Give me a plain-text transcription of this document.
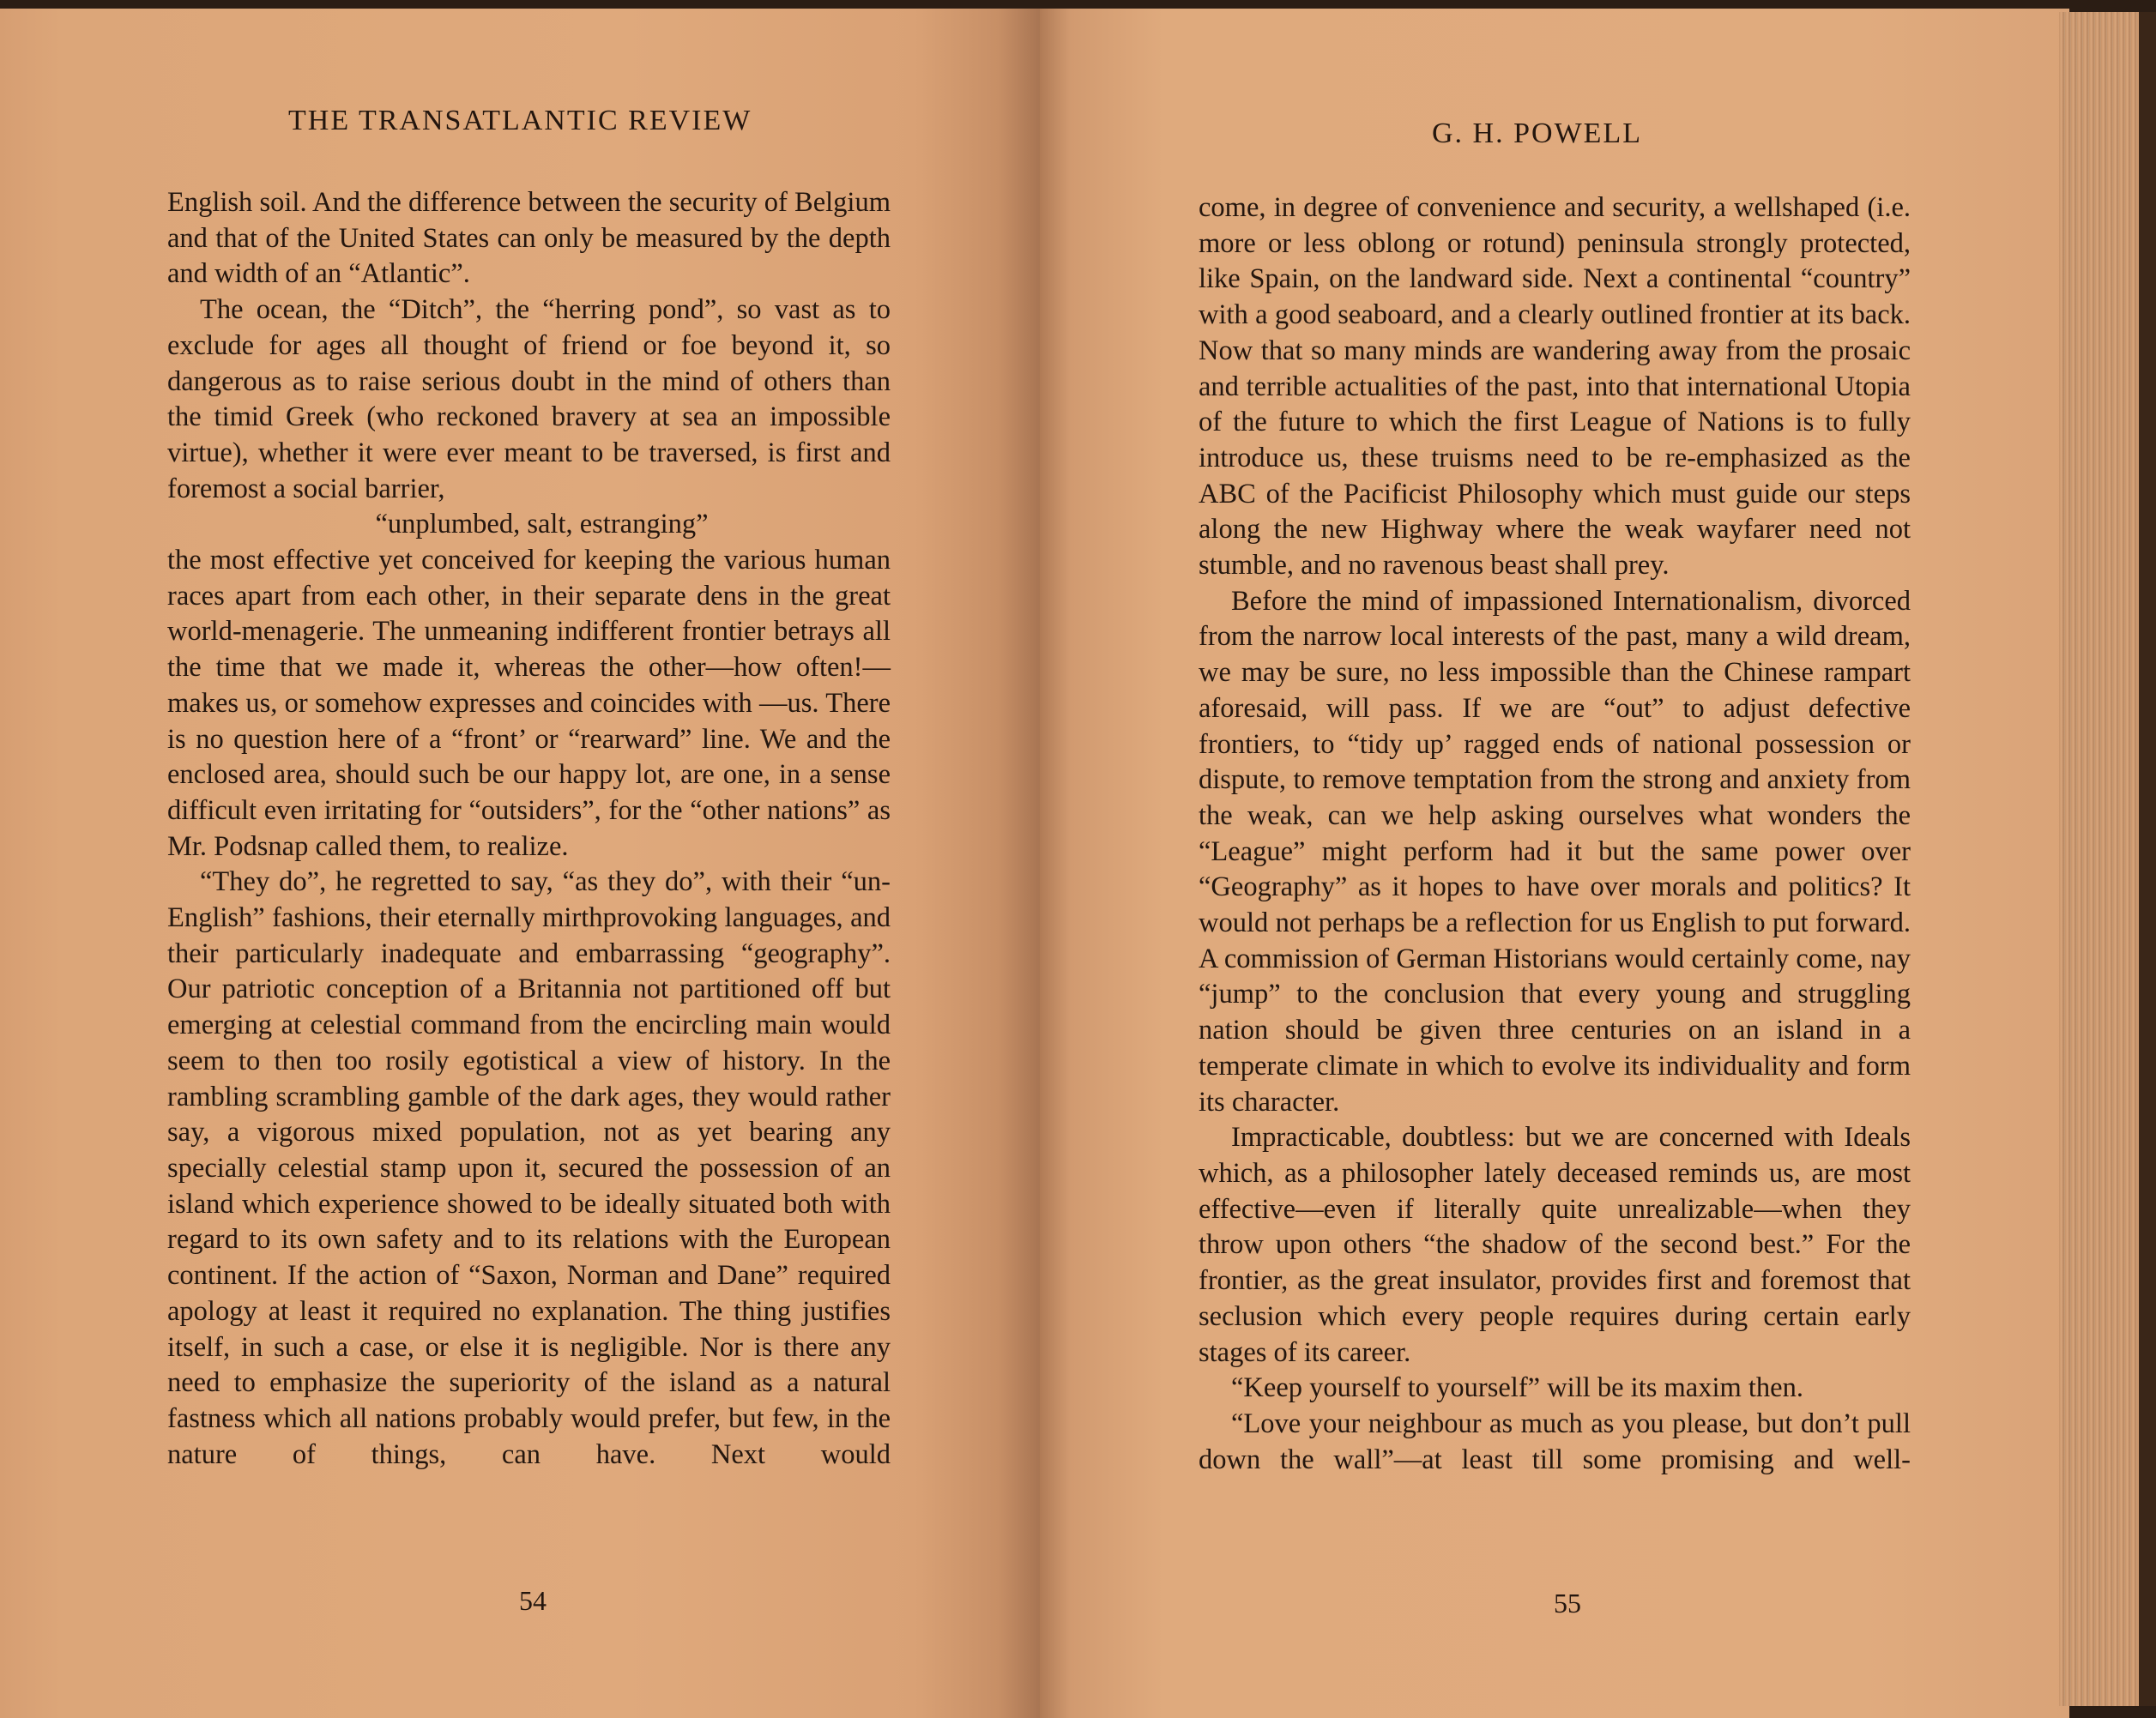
THE TRANSATLANTIC REVIEW

English soil. And the difference between the security of Belgium and that of the United States can only be measured by the depth and width of an “Atlantic”.

The ocean, the “Ditch”, the “herring pond”, so vast as to exclude for ages all thought of friend or foe beyond it, so dangerous as to raise serious doubt in the mind of others than the timid Greek (who reckoned bravery at sea an impossible virtue), whether it were ever meant to be traversed, is first and foremost a social barrier,

“unplumbed, salt, estranging”

the most effective yet conceived for keeping the various human races apart from each other, in their separate dens in the great world-menagerie. The unmeaning indifferent frontier betrays all the time that we made it, whereas the other—how often!—makes us, or somehow expresses and coincides with —us. There is no question here of a “front’ or “rearward” line. We and the enclosed area, should such be our happy lot, are one, in a sense difficult even irritating for “outsiders”, for the “other nations” as Mr. Podsnap called them, to realize.

“They do”, he regretted to say, “as they do”, with their “un-English” fashions, their eternally mirthprovoking languages, and their particularly inadequate and embarrassing “geography”. Our patriotic conception of a Britannia not partitioned off but emerging at celestial command from the encircling main would seem to then too rosily egotistical a view of history. In the rambling scrambling gamble of the dark ages, they would rather say, a vigorous mixed population, not as yet bearing any specially celestial stamp upon it, secured the possession of an island which experience showed to be ideally situated both with regard to its own safety and to its relations with the European continent. If the action of “Saxon, Norman and Dane” required apology at least it required no explanation. The thing justifies itself, in such a case, or else it is negligible. Nor is there any need to emphasize the superiority of the island as a natural fastness which all nations probably would prefer, but few, in the nature of things, can have. Next would

54
G. H. POWELL

come, in degree of convenience and security, a wellshaped (i.e. more or less oblong or rotund) peninsula strongly protected, like Spain, on the landward side. Next a continental “country” with a good seaboard, and a clearly outlined frontier at its back. Now that so many minds are wandering away from the prosaic and terrible actualities of the past, into that international Utopia of the future to which the first League of Nations is to fully introduce us, these truisms need to be re-emphasized as the ABC of the Pacificist Philosophy which must guide our steps along the new Highway where the weak wayfarer need not stumble, and no ravenous beast shall prey.

Before the mind of impassioned Internationalism, divorced from the narrow local interests of the past, many a wild dream, we may be sure, no less impossible than the Chinese rampart aforesaid, will pass. If we are “out” to adjust defective frontiers, to “tidy up’ ragged ends of national possession or dispute, to remove temptation from the strong and anxiety from the weak, can we help asking ourselves what wonders the “League” might perform had it but the same power over “Geography” as it hopes to have over morals and politics? It would not perhaps be a reflection for us English to put forward. A commission of German Historians would certainly come, nay “jump” to the conclusion that every young and struggling nation should be given three centuries on an island in a temperate climate in which to evolve its individuality and form its character.

Impracticable, doubtless: but we are concerned with Ideals which, as a philosopher lately deceased reminds us, are most effective—even if literally quite unrealizable—when they throw upon others “the shadow of the second best.” For the frontier, as the great insulator, provides first and foremost that seclusion which every people requires during certain early stages of its career.

“Keep yourself to yourself” will be its maxim then.

“Love your neighbour as much as you please, but don’t pull down the wall”—at least till some promising and well-

55
